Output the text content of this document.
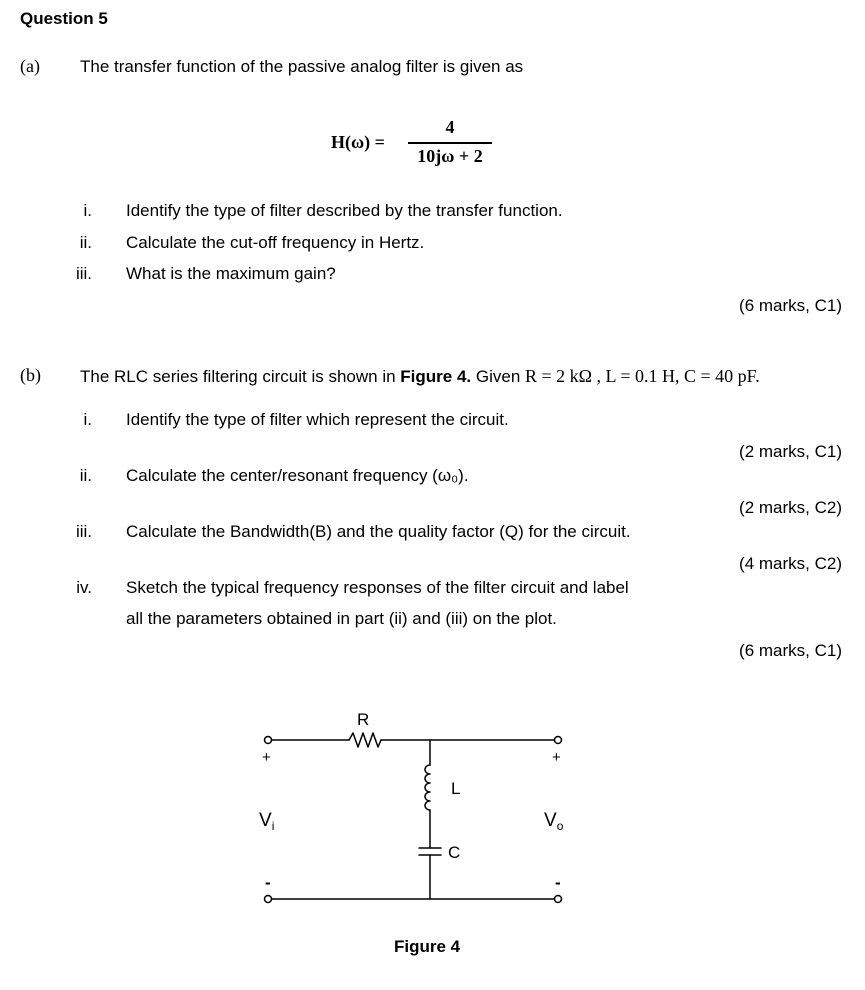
Question 5
(a) The transfer function of the passive analog filter is given as
H(ω) =
4
10jω + 2
i. Identify the type of filter described by the transfer function.
ii. Calculate the cut-off frequency in Hertz.
iii. What is the maximum gain?
(6 marks, C1)
(b) The RLC series filtering circuit is shown in Figure 4. Given R = 2 kΩ , L = 0.1 H, C = 40 pF.
i. Identify the type of filter which represent the circuit.
(2 marks, C1)
ii. Calculate the center/resonant frequency (ω₀).
(2 marks, C2)
iii. Calculate the Bandwidth(B) and the quality factor (Q) for the circuit.
(4 marks, C2)
iv. Sketch the typical frequency responses of the filter circuit and label
all the parameters obtained in part (ii) and (iii) on the plot.
(6 marks, C1)
R
L
C
+	+
-	-
$V_i$	$V_o$
Figure 4
